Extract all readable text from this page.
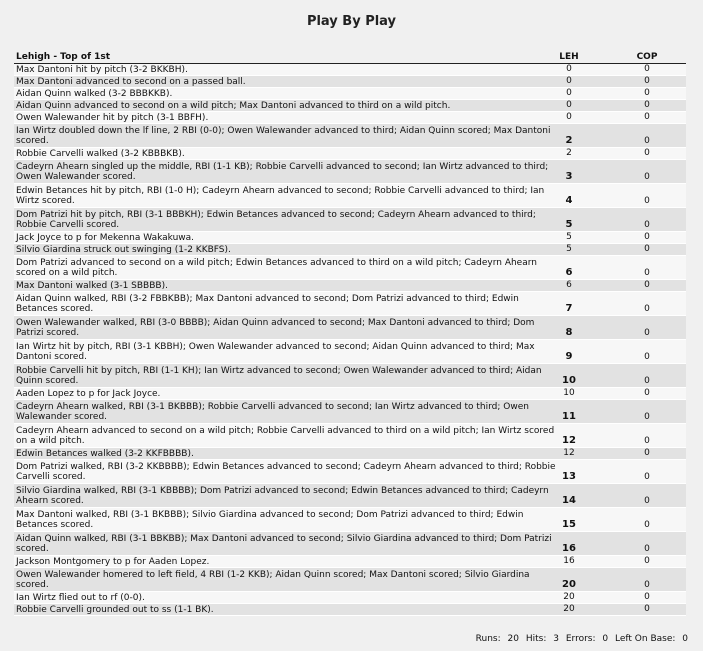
Play By Play
Lehigh - Top of 1st	LEH	COP
Max Dantoni hit by pitch (3-2 BKKBH).	0	0
Max Dantoni advanced to second on a passed ball.	0	0
Aidan Quinn walked (3-2 BBBKKB).	0	0
Aidan Quinn advanced to second on a wild pitch; Max Dantoni advanced to third on a wild pitch.	0	0
Owen Walewander hit by pitch (3-1 BBFH).	0	0
Ian Wirtz doubled down the lf line, 2 RBI (0-0); Owen Walewander advanced to third; Aidan Quinn scored; Max Dantoni scored.	2	0
Robbie Carvelli walked (3-2 KBBBKB).	2	0
Cadeyrn Ahearn singled up the middle, RBI (1-1 KB); Robbie Carvelli advanced to second; Ian Wirtz advanced to third; Owen Walewander scored.	3	0
Edwin Betances hit by pitch, RBI (1-0 H); Cadeyrn Ahearn advanced to second; Robbie Carvelli advanced to third; Ian Wirtz scored.	4	0
Dom Patrizi hit by pitch, RBI (3-1 BBBKH); Edwin Betances advanced to second; Cadeyrn Ahearn advanced to third; Robbie Carvelli scored.	5	0
Jack Joyce to p for Mekenna Wakakuwa.	5	0
Silvio Giardina struck out swinging (1-2 KKBFS).	5	0
Dom Patrizi advanced to second on a wild pitch; Edwin Betances advanced to third on a wild pitch; Cadeyrn Ahearn scored on a wild pitch.	6	0
Max Dantoni walked (3-1 SBBBB).	6	0
Aidan Quinn walked, RBI (3-2 FBBKBB); Max Dantoni advanced to second; Dom Patrizi advanced to third; Edwin Betances scored.	7	0
Owen Walewander walked, RBI (3-0 BBBB); Aidan Quinn advanced to second; Max Dantoni advanced to third; Dom Patrizi scored.	8	0
Ian Wirtz hit by pitch, RBI (3-1 KBBH); Owen Walewander advanced to second; Aidan Quinn advanced to third; Max Dantoni scored.	9	0
Robbie Carvelli hit by pitch, RBI (1-1 KH); Ian Wirtz advanced to second; Owen Walewander advanced to third; Aidan Quinn scored.	10	0
Aaden Lopez to p for Jack Joyce.	10	0
Cadeyrn Ahearn walked, RBI (3-1 BKBBB); Robbie Carvelli advanced to second; Ian Wirtz advanced to third; Owen Walewander scored.	11	0
Cadeyrn Ahearn advanced to second on a wild pitch; Robbie Carvelli advanced to third on a wild pitch; Ian Wirtz scored on a wild pitch.	12	0
Edwin Betances walked (3-2 KKFBBBB).	12	0
Dom Patrizi walked, RBI (3-2 KKBBBB); Edwin Betances advanced to second; Cadeyrn Ahearn advanced to third; Robbie Carvelli scored.	13	0
Silvio Giardina walked, RBI (3-1 KBBBB); Dom Patrizi advanced to second; Edwin Betances advanced to third; Cadeyrn Ahearn scored.	14	0
Max Dantoni walked, RBI (3-1 BKBBB); Silvio Giardina advanced to second; Dom Patrizi advanced to third; Edwin Betances scored.	15	0
Aidan Quinn walked, RBI (3-1 BBKBB); Max Dantoni advanced to second; Silvio Giardina advanced to third; Dom Patrizi scored.	16	0
Jackson Montgomery to p for Aaden Lopez.	16	0
Owen Walewander homered to left field, 4 RBI (1-2 KKB); Aidan Quinn scored; Max Dantoni scored; Silvio Giardina scored.	20	0
Ian Wirtz flied out to rf (0-0).	20	0
Robbie Carvelli grounded out to ss (1-1 BK).	20	0
Runs: 20 Hits: 3 Errors: 0 Left On Base: 0
